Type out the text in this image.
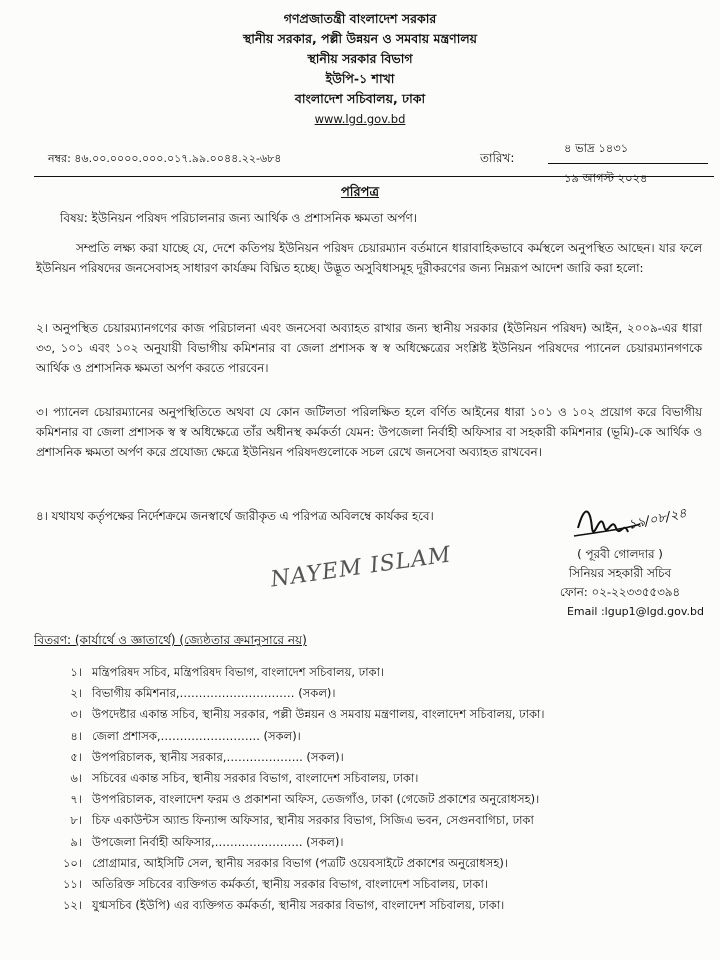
গণপ্রজাতন্ত্রী বাংলাদেশ সরকার
স্থানীয় সরকার, পল্লী উন্নয়ন ও সমবায় মন্ত্রণালয়
স্থানীয় সরকার বিভাগ
ইউপি-১ শাখা
বাংলাদেশ সচিবালয়, ঢাকা
www.lgd.gov.bd
নম্বর: ৪৬.০০.০০০০.০০০.০১৭.৯৯.০০৪৪.২২-৬৮৪	তারিখ:
৪ ভাদ্র ১৪৩১
১৯ আগস্ট ২০২৪
পরিপত্র
বিষয়: ইউনিয়ন পরিষদ পরিচালনার জন্য আর্থিক ও প্রশাসনিক ক্ষমতা অর্পণ।
সম্প্রতি লক্ষ্য করা যাচ্ছে যে, দেশে কতিপয় ইউনিয়ন পরিষদ চেয়ারম্যান বর্তমানে ধারাবাহিকভাবে কর্মস্থলে অনুপস্থিত আছেন। যার ফলে ইউনিয়ন পরিষদের জনসেবাসহ সাধারণ কার্যক্রম বিঘ্নিত হচ্ছে। উদ্ভূত অসুবিধাসমূহ দূরীকরণের জন্য নিম্নরূপ আদেশ জারি করা হলো:
২। অনুপস্থিত চেয়ারম্যানগণের কাজ পরিচালনা এবং জনসেবা অব্যাহত রাখার জন্য স্থানীয় সরকার (ইউনিয়ন পরিষদ) আইন, ২০০৯-এর ধারা ৩৩, ১০১ এবং ১০২ অনুযায়ী বিভাগীয় কমিশনার বা জেলা প্রশাসক স্ব স্ব অধিক্ষেত্রের সংশ্লিষ্ট ইউনিয়ন পরিষদের প্যানেল চেয়ারম্যানগণকে আর্থিক ও প্রশাসনিক ক্ষমতা অর্পণ করতে পারবেন।
৩। প্যানেল চেয়ারম্যানের অনুপস্থিতিতে অথবা যে কোন জটিলতা পরিলক্ষিত হলে বর্ণিত আইনের ধারা ১০১ ও ১০২ প্রয়োগ করে বিভাগীয় কমিশনার বা জেলা প্রশাসক স্ব স্ব অধিক্ষেত্রে তাঁর অধীনস্থ কর্মকর্তা যেমন: উপজেলা নির্বাহী অফিসার বা সহকারী কমিশনার (ভূমি)-কে আর্থিক ও প্রশাসনিক ক্ষমতা অর্পণ করে প্রযোজ্য ক্ষেত্রে ইউনিয়ন পরিষদগুলোকে সচল রেখে জনসেবা অব্যাহত রাখবেন।
৪। যথাযথ কর্তৃপক্ষের নির্দেশক্রমে জনস্বার্থে জারীকৃত এ পরিপত্র অবিলম্বে কার্যকর হবে।	১৯/০৮/২৪
NAYEM ISLAM	( পূরবী গোলদার )
সিনিয়র সহকারী সচিব
ফোন: ০২-২২৩৩৫৫৩৯৪
Email :lgup1@lgd.gov.bd
বিতরণ: (কার্যার্থে ও জ্ঞাতার্থে) (জ্যেষ্ঠতার ক্রমানুসারে নয়)
১। মন্ত্রিপরিষদ সচিব, মন্ত্রিপরিষদ বিভাগ, বাংলাদেশ সচিবালয়, ঢাকা।
২। বিভাগীয় কমিশনার,………………………… (সকল)।
৩। উপদেষ্টার একান্ত সচিব, স্থানীয় সরকার, পল্লী উন্নয়ন ও সমবায় মন্ত্রণালয়, বাংলাদেশ সচিবালয়, ঢাকা।
৪। জেলা প্রশাসক,…………………….. (সকল)।
৫। উপপরিচালক, স্থানীয় সরকার,……………….. (সকল)।
৬। সচিবের একান্ত সচিব, স্থানীয় সরকার বিভাগ, বাংলাদেশ সচিবালয়, ঢাকা।
৭। উপপরিচালক, বাংলাদেশ ফরম ও প্রকাশনা অফিস, তেজগাঁও, ঢাকা (গেজেট প্রকাশের অনুরোধসহ)।
৮। চিফ একাউন্টস অ্যান্ড ফিন্যান্স অফিসার, স্থানীয় সরকার বিভাগ, সিজিএ ভবন, সেগুনবাগিচা, ঢাকা
৯। উপজেলা নির্বাহী অফিসার,………………….. (সকল)।
১০। প্রোগ্রামার, আইসিটি সেল, স্থানীয় সরকার বিভাগ (পত্রটি ওয়েবসাইটে প্রকাশের অনুরোধসহ)।
১১। অতিরিক্ত সচিবের ব্যক্তিগত কর্মকর্তা, স্থানীয় সরকার বিভাগ, বাংলাদেশ সচিবালয়, ঢাকা।
১২। যুগ্মসচিব (ইউপি) এর ব্যক্তিগত কর্মকর্তা, স্থানীয় সরকার বিভাগ, বাংলাদেশ সচিবালয়, ঢাকা।
